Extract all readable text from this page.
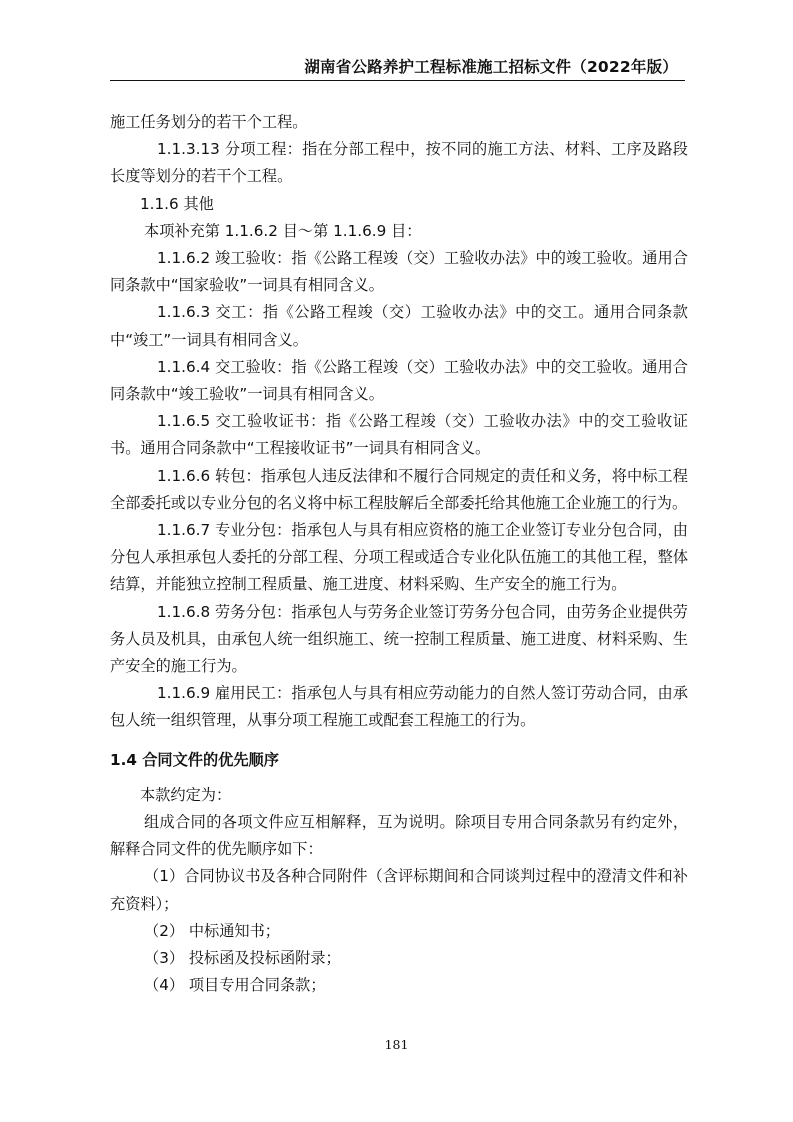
湖南省公路养护工程标准施工招标文件（2022年版）

施工任务划分的若干个工程。

1.1.3.13 分项工程：指在分部工程中，按不同的施工方法、材料、工序及路段长度等划分的若干个工程。

1.1.6 其他

本项补充第 1.1.6.2 目～第 1.1.6.9 目：

1.1.6.2 竣工验收：指《公路工程竣（交）工验收办法》中的竣工验收。通用合同条款中“国家验收”一词具有相同含义。

1.1.6.3 交工：指《公路工程竣（交）工验收办法》中的交工。通用合同条款中“竣工”一词具有相同含义。

1.1.6.4 交工验收：指《公路工程竣（交）工验收办法》中的交工验收。通用合同条款中“竣工验收”一词具有相同含义。

1.1.6.5 交工验收证书：指《公路工程竣（交）工验收办法》中的交工验收证书。通用合同条款中“工程接收证书”一词具有相同含义。

1.1.6.6 转包：指承包人违反法律和不履行合同规定的责任和义务，将中标工程全部委托或以专业分包的名义将中标工程肢解后全部委托给其他施工企业施工的行为。

1.1.6.7 专业分包：指承包人与具有相应资格的施工企业签订专业分包合同，由分包人承担承包人委托的分部工程、分项工程或适合专业化队伍施工的其他工程，整体结算，并能独立控制工程质量、施工进度、材料采购、生产安全的施工行为。

1.1.6.8 劳务分包：指承包人与劳务企业签订劳务分包合同，由劳务企业提供劳务人员及机具，由承包人统一组织施工、统一控制工程质量、施工进度、材料采购、生产安全的施工行为。

1.1.6.9 雇用民工：指承包人与具有相应劳动能力的自然人签订劳动合同，由承包人统一组织管理，从事分项工程施工或配套工程施工的行为。

1.4 合同文件的优先顺序

本款约定为：

组成合同的各项文件应互相解释，互为说明。除项目专用合同条款另有约定外，解释合同文件的优先顺序如下：

（1）合同协议书及各种合同附件（含评标期间和合同谈判过程中的澄清文件和补充资料）；

（2） 中标通知书；

（3） 投标函及投标函附录；

（4） 项目专用合同条款；

181
